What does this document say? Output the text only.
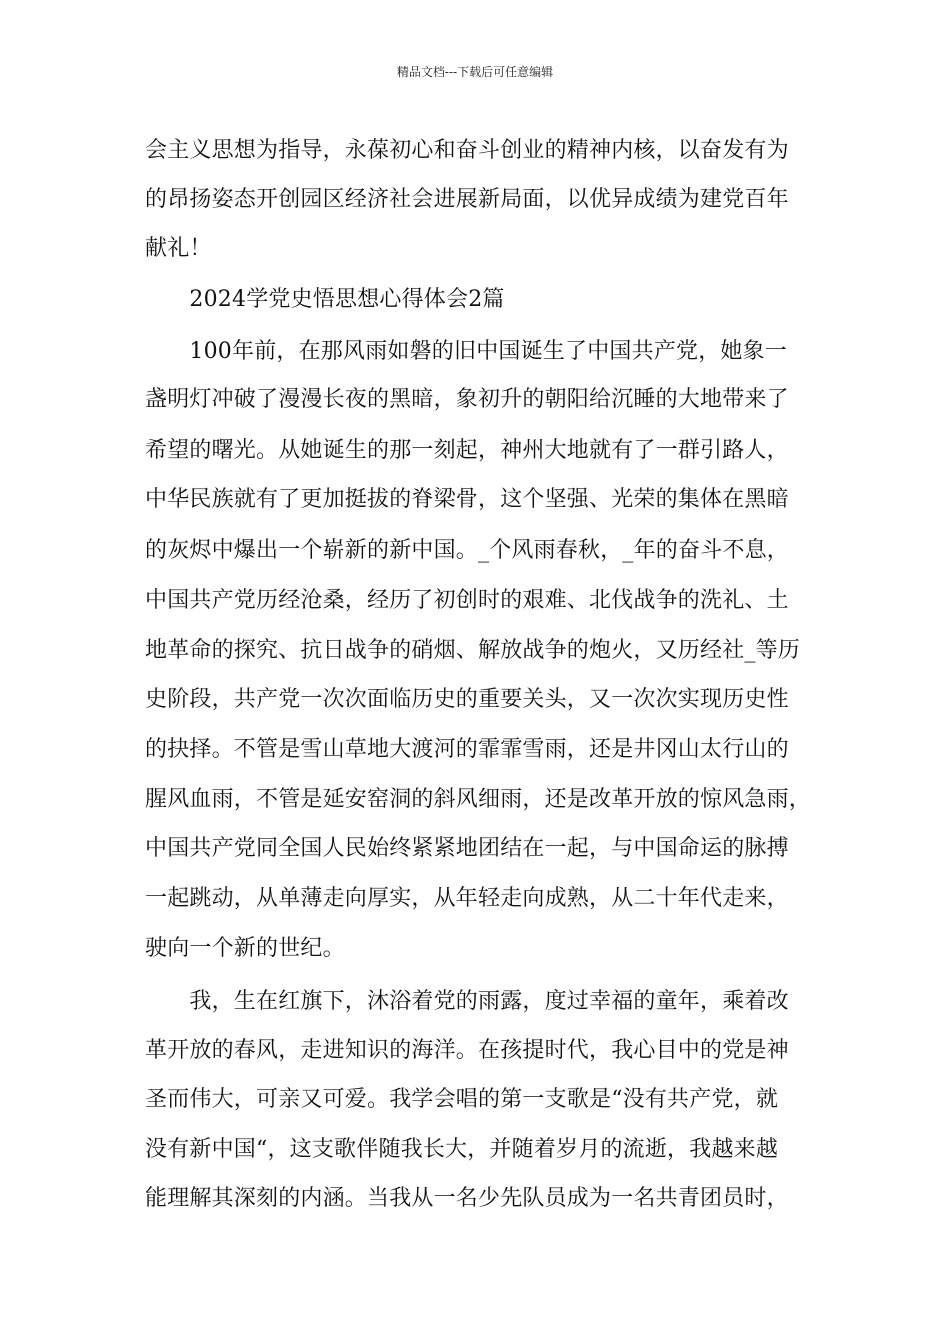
精品文档---下载后可任意编辑
会主义思想为指导，永葆初心和奋斗创业的精神内核，以奋发有为
的昂扬姿态开创园区经济社会进展新局面，以优异成绩为建党百年
献礼！
　　2024学党史悟思想心得体会2篇
　　100年前，在那风雨如磐的旧中国诞生了中国共产党，她象一
盏明灯冲破了漫漫长夜的黑暗，象初升的朝阳给沉睡的大地带来了
希望的曙光。从她诞生的那一刻起，神州大地就有了一群引路人，
中华民族就有了更加挺拔的脊梁骨，这个坚强、光荣的集体在黑暗
的灰烬中爆出一个崭新的新中国。_个风雨春秋，_年的奋斗不息，
中国共产党历经沧桑，经历了初创时的艰难、北伐战争的洗礼、土
地革命的探究、抗日战争的硝烟、解放战争的炮火，又历经社_等历
史阶段，共产党一次次面临历史的重要关头，又一次次实现历史性
的抉择。不管是雪山草地大渡河的霏霏雪雨，还是井冈山太行山的
腥风血雨，不管是延安窑洞的斜风细雨，还是改革开放的惊风急雨，
中国共产党同全国人民始终紧紧地团结在一起，与中国命运的脉搏
一起跳动，从单薄走向厚实，从年轻走向成熟，从二十年代走来，
驶向一个新的世纪。
　　我，生在红旗下，沐浴着党的雨露，度过幸福的童年，乘着改
革开放的春风，走进知识的海洋。在孩提时代，我心目中的党是神
圣而伟大，可亲又可爱。我学会唱的第一支歌是“没有共产党，就
没有新中国“，这支歌伴随我长大，并随着岁月的流逝，我越来越
能理解其深刻的内涵。当我从一名少先队员成为一名共青团员时，
